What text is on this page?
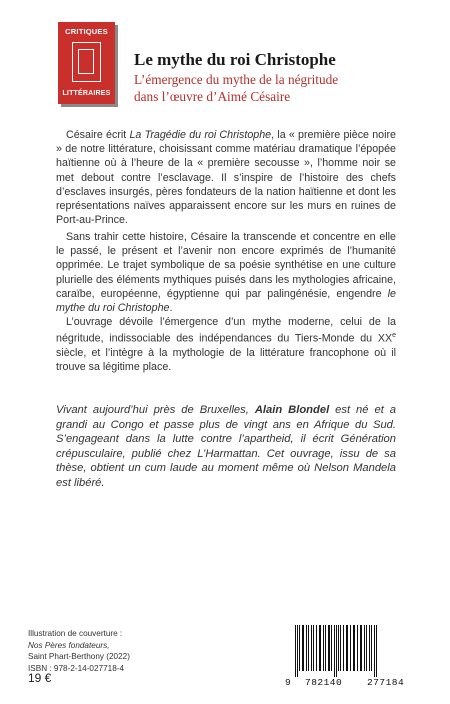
CRITIQUES
LITTÉRAIRES
Le mythe du roi Christophe
L’émergence du mythe de la négritude
dans l’œuvre d’Aimé Césaire

Césaire écrit La Tragédie du roi Christophe, la « première pièce noire » de notre littérature, choisissant comme matériau dramatique l’épopée haïtienne où à l’heure de la « première secousse », l’homme noir se met debout contre l’esclavage. Il s’inspire de l’histoire des chefs d’esclaves insurgés, pères fondateurs de la nation haïtienne et dont les représentations naïves apparaissent encore sur les murs en ruines de Port-au-Prince.

Sans trahir cette histoire, Césaire la transcende et concentre en elle le passé, le présent et l’avenir non encore exprimés de l’humanité opprimée. Le trajet symbolique de sa poésie synthétise en une culture plurielle des éléments mythiques puisés dans les mythologies africaine, caraïbe, européenne, égyptienne qui par palingénésie, engendre le mythe du roi Christophe.

L’ouvrage dévoile l’émergence d’un mythe moderne, celui de la négritude, indissociable des indépendances du Tiers-Monde du XXe siècle, et l’intègre à la mythologie de la littérature francophone où il trouve sa légitime place.

Vivant aujourd’hui près de Bruxelles, Alain Blondel est né et a grandi au Congo et passe plus de vingt ans en Afrique du Sud. S’engageant dans la lutte contre l’apartheid, il écrit Génération crépusculaire, publié chez L’Harmattan. Cet ouvrage, issu de sa thèse, obtient un cum laude au moment même où Nelson Mandela est libéré.

Illustration de couverture :
Nos Pères fondateurs,
Saint Phart-Berthony (2022)
ISBN : 978-2-14-027718-4
19 €	9 782140	277184
